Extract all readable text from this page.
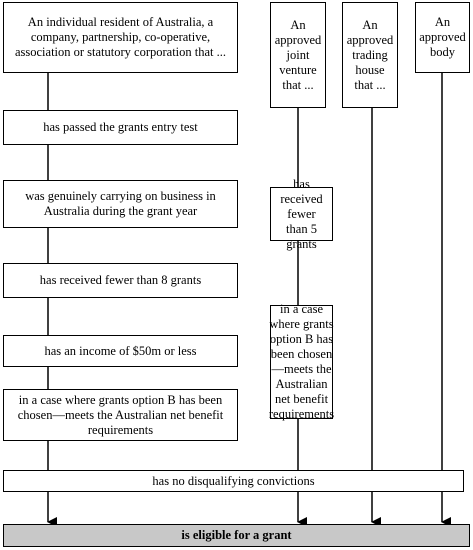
An individual resident of Australia, a company, partnership, co-operative, association or statutory corporation that ...
has passed the grants entry test
was genuinely carrying on business in Australia during the grant year
has received fewer than 8 grants
has an income of $50m or less
in a case where grants option B has been chosen—meets the Australian net benefit requirements
An approved joint venture that ...
has received fewer than 5 grants
in a case where grants option B has been chosen—meets the Australian net benefit requirements
An approved trading house that ...
An approved body
has no disqualifying convictions
is eligible for a grant
